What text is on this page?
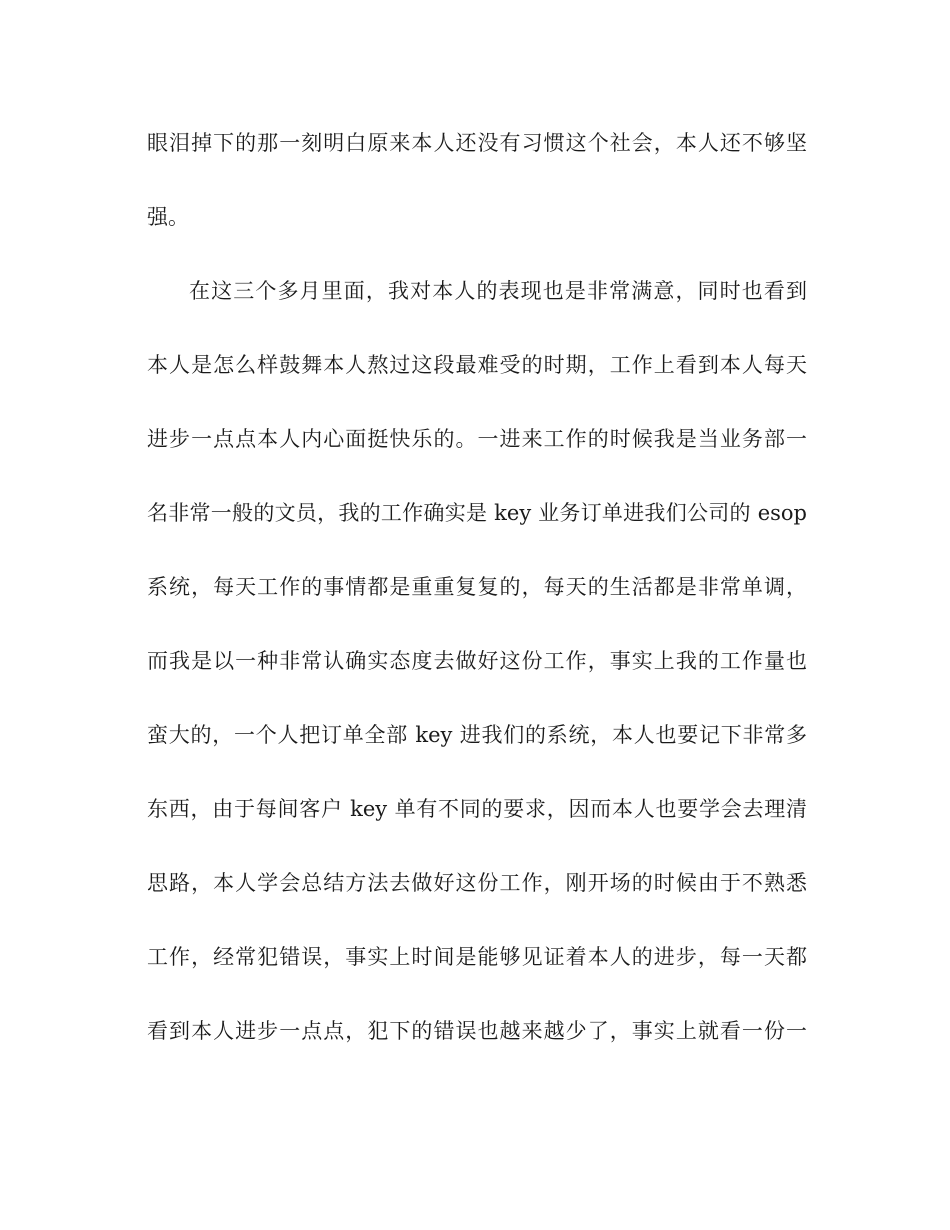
眼泪掉下的那一刻明白原来本人还没有习惯这个社会，本人还不够坚
强。
在这三个多月里面，我对本人的表现也是非常满意，同时也看到
本人是怎么样鼓舞本人熬过这段最难受的时期，工作上看到本人每天
进步一点点本人内心面挺快乐的。一进来工作的时候我是当业务部一
名非常一般的文员，我的工作确实是 key 业务订单进我们公司的 esop
系统，每天工作的事情都是重重复复的，每天的生活都是非常单调，
而我是以一种非常认确实态度去做好这份工作，事实上我的工作量也
蛮大的，一个人把订单全部 key 进我们的系统，本人也要记下非常多
东西，由于每间客户 key 单有不同的要求，因而本人也要学会去理清
思路，本人学会总结方法去做好这份工作，刚开场的时候由于不熟悉
工作，经常犯错误，事实上时间是能够见证着本人的进步，每一天都
看到本人进步一点点，犯下的错误也越来越少了，事实上就看一份一
